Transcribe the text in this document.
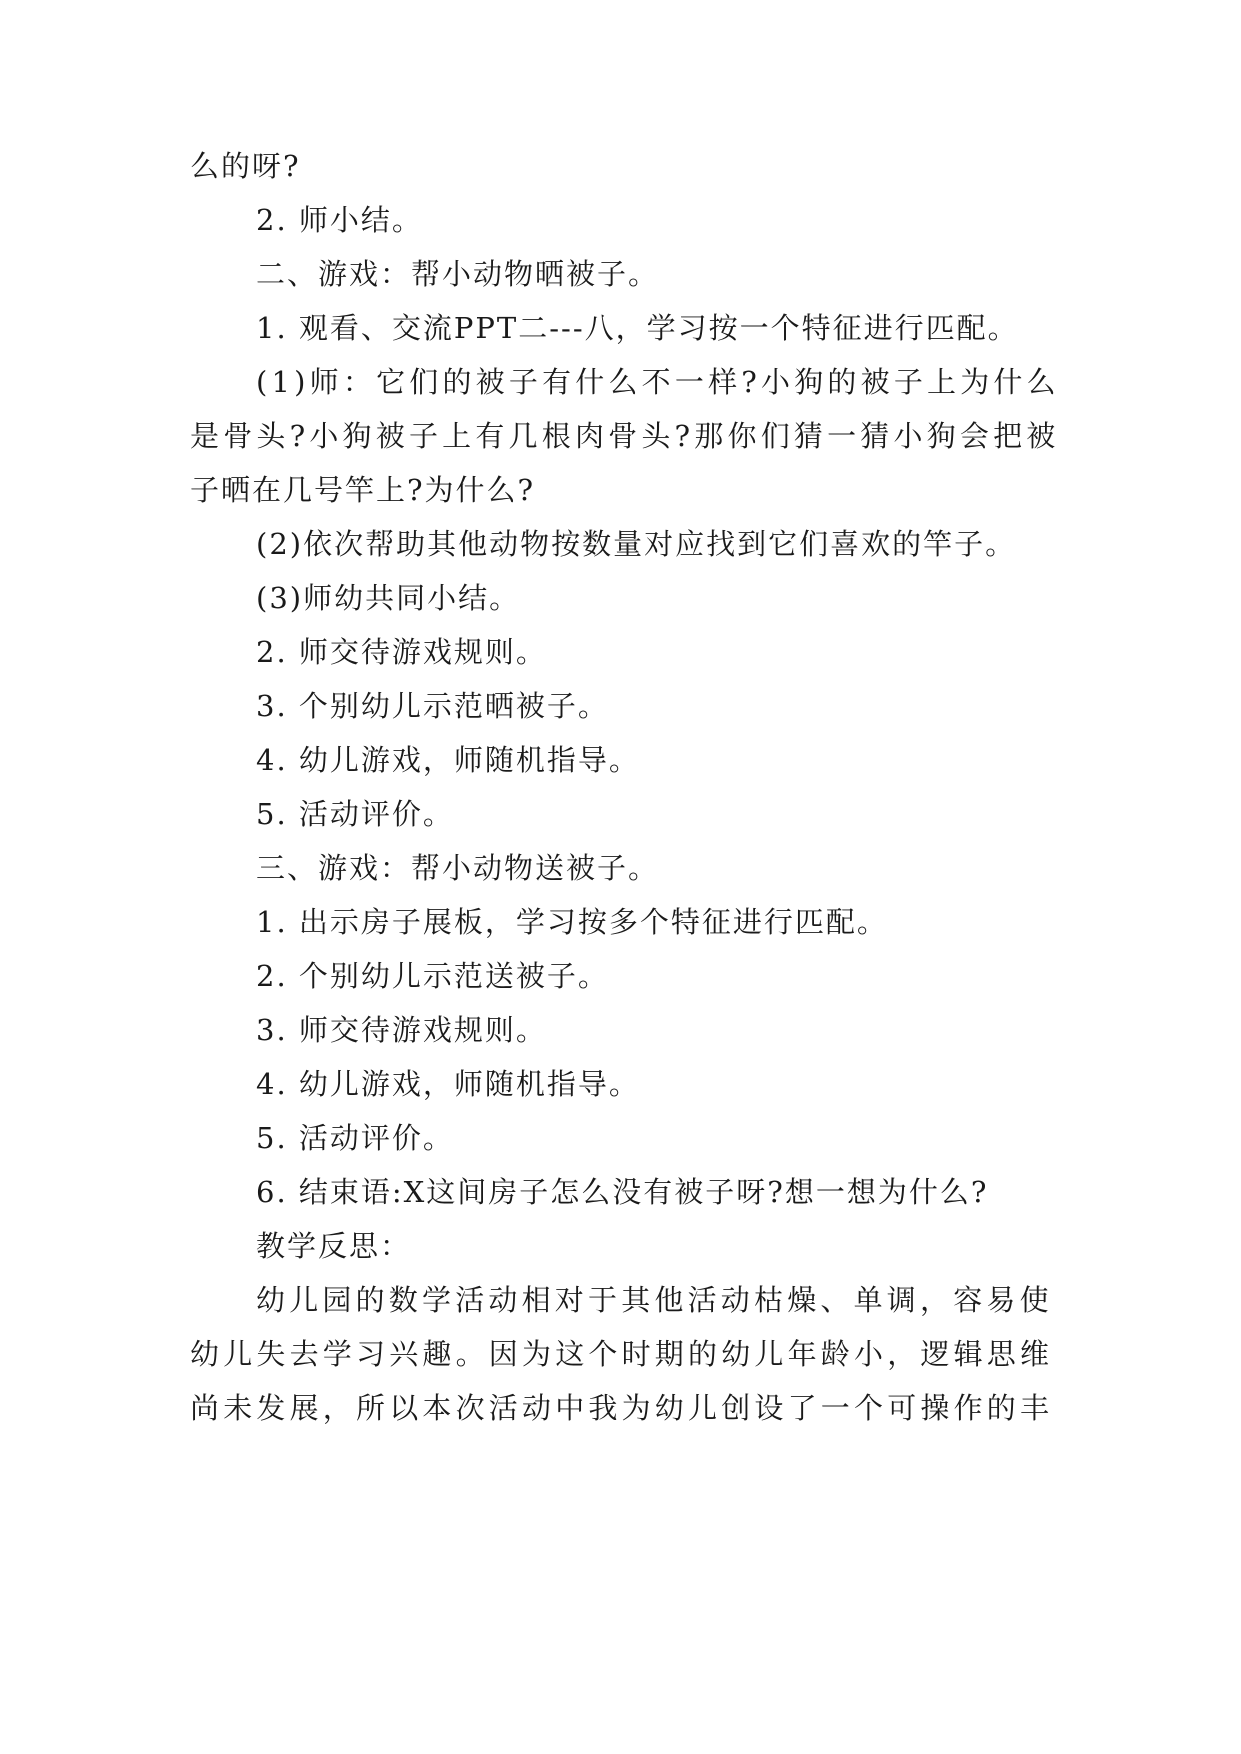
么的呀?
2. 师小结。
二、游戏：帮小动物晒被子。
1. 观看、交流PPT二---八，学习按一个特征进行匹配。
(1)师：它们的被子有什么不一样?小狗的被子上为什么
是骨头?小狗被子上有几根肉骨头?那你们猜一猜小狗会把被
子晒在几号竿上?为什么?
(2)依次帮助其他动物按数量对应找到它们喜欢的竿子。
(3)师幼共同小结。
2. 师交待游戏规则。
3. 个别幼儿示范晒被子。
4. 幼儿游戏，师随机指导。
5. 活动评价。
三、游戏：帮小动物送被子。
1. 出示房子展板，学习按多个特征进行匹配。
2. 个别幼儿示范送被子。
3. 师交待游戏规则。
4. 幼儿游戏，师随机指导。
5. 活动评价。
6. 结束语:X这间房子怎么没有被子呀?想一想为什么?
教学反思：
幼儿园的数学活动相对于其他活动枯燥、单调，容易使
幼儿失去学习兴趣。因为这个时期的幼儿年龄小，逻辑思维
尚未发展，所以本次活动中我为幼儿创设了一个可操作的丰
